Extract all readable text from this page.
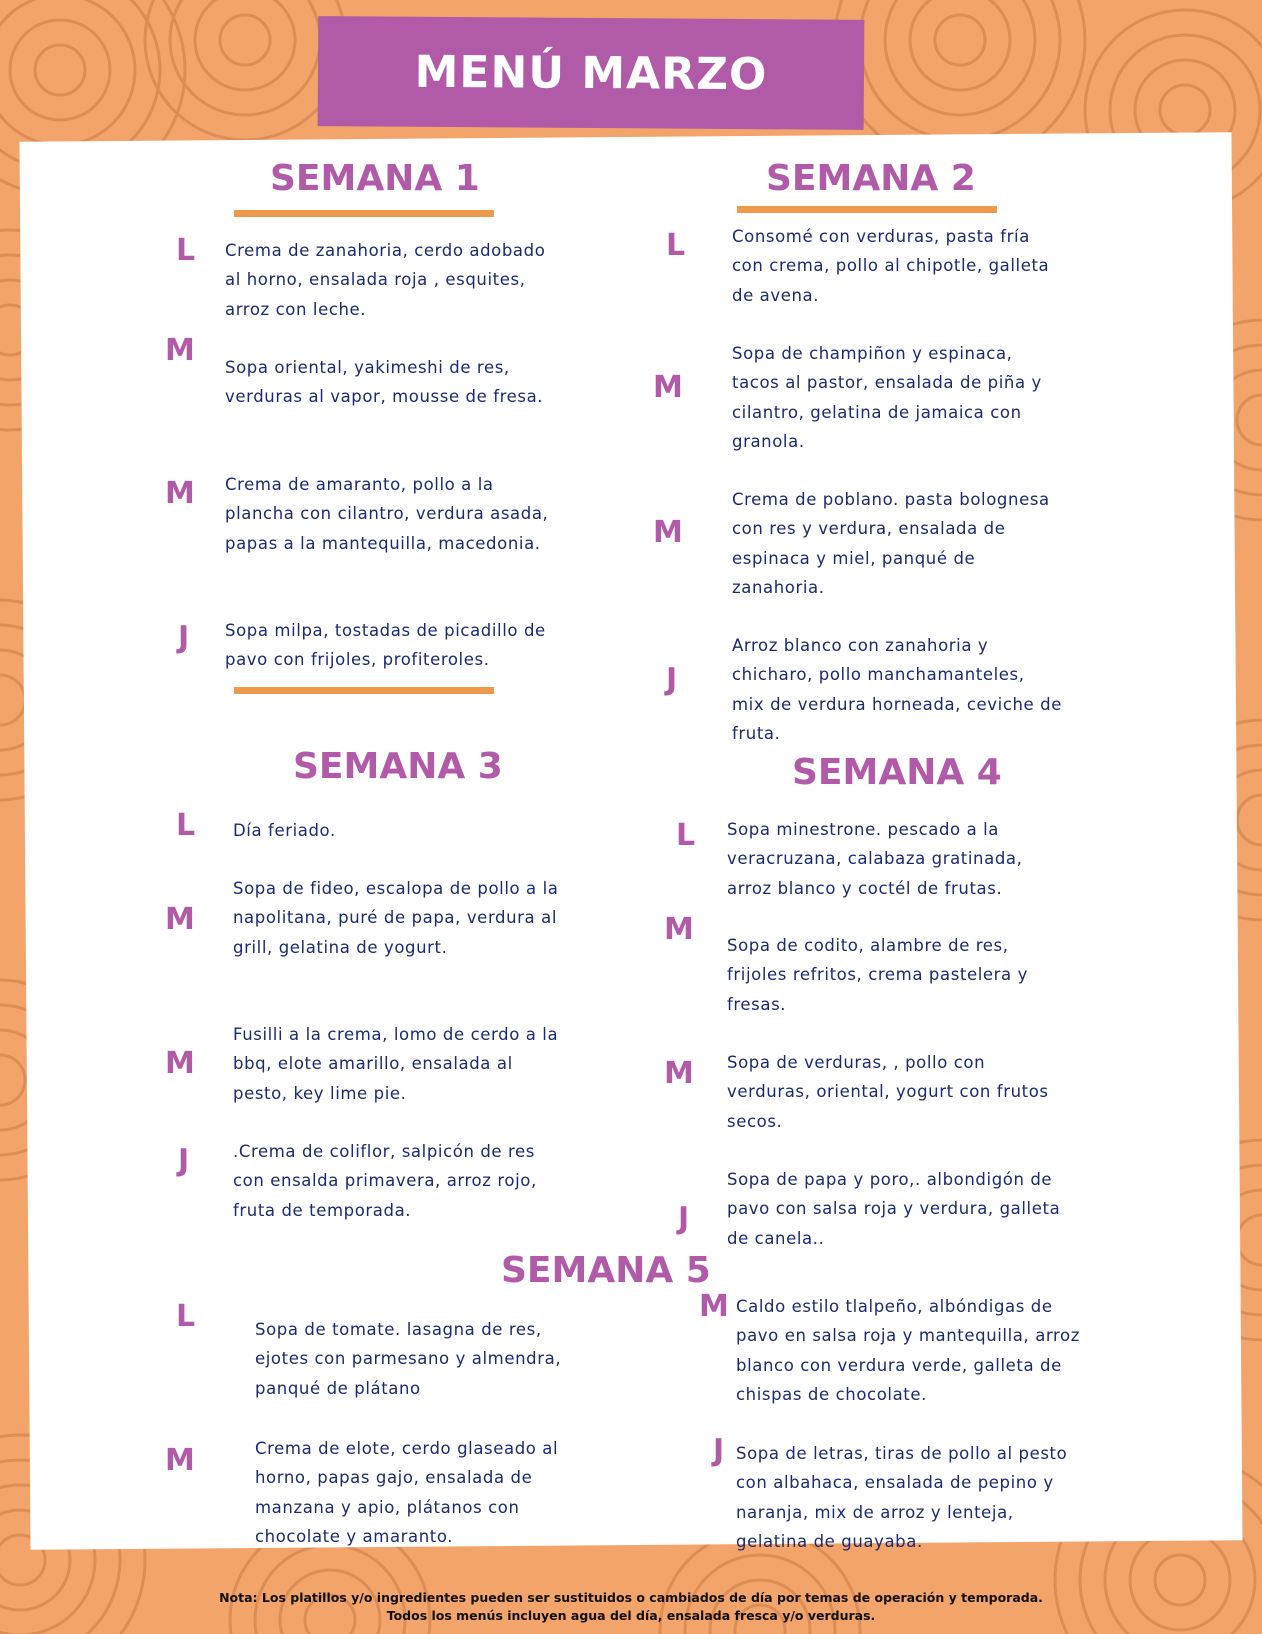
MENÚ MARZO
SEMANA 1
L Crema de zanahoria, cerdo adobado al horno, ensalada roja , esquites, arroz con leche.
M Sopa oriental, yakimeshi de res, verduras al vapor, mousse de fresa.
M Crema de amaranto, pollo a la plancha con cilantro, verdura asada, papas a la mantequilla, macedonia.
J Sopa milpa, tostadas de picadillo de pavo con frijoles, profiteroles.
SEMANA 2
L	Consomé con verduras, pasta fría con crema, pollo al chipotle, galleta de avena.
M
Sopa de champiñon y espinaca, tacos al pastor, ensalada de piña y cilantro, gelatina de jamaica con granola.
M
Crema de poblano. pasta bolognesa con res y verdura, ensalada de espinaca y miel, panqué de zanahoria.
J
Arroz blanco con zanahoria y chicharo, pollo manchamanteles, mix de verdura horneada, ceviche de fruta.
SEMANA 3
L Día feriado.
M
Sopa de fideo, escalopa de pollo a la napolitana, puré de papa, verdura al grill, gelatina de yogurt.
M
Fusilli a la crema, lomo de cerdo a la bbq, elote amarillo, ensalada al pesto, key lime pie.
J	.Crema de coliflor, salpicón de res con ensalda primavera, arroz rojo, fruta de temporada.
SEMANA 4
L Sopa minestrone. pescado a la veracruzana, calabaza gratinada, arroz blanco y coctél de frutas.
M Sopa de codito, alambre de res, frijoles refritos, crema pastelera y fresas.
M Sopa de verduras, , pollo con verduras, oriental, yogurt con frutos secos.
J
Sopa de papa y poro,. albondigón de pavo con salsa roja y verdura, galleta de canela..
SEMANA 5
L	Sopa de tomate. lasagna de res, ejotes con parmesano y almendra, panqué de plátano
M	Crema de elote, cerdo glaseado al horno, papas gajo, ensalada de manzana y apio, plátanos con chocolate y amaranto.
M Caldo estilo tlalpeño, albóndigas de pavo en salsa roja y mantequilla, arroz blanco con verdura verde, galleta de chispas de chocolate.
J Sopa de letras, tiras de pollo al pesto con albahaca, ensalada de pepino y naranja, mix de arroz y lenteja, gelatina de guayaba.
Nota: Los platillos y/o ingredientes pueden ser sustituidos o cambiados de día por temas de operación y temporada.
Todos los menús incluyen agua del día, ensalada fresca y/o verduras.
